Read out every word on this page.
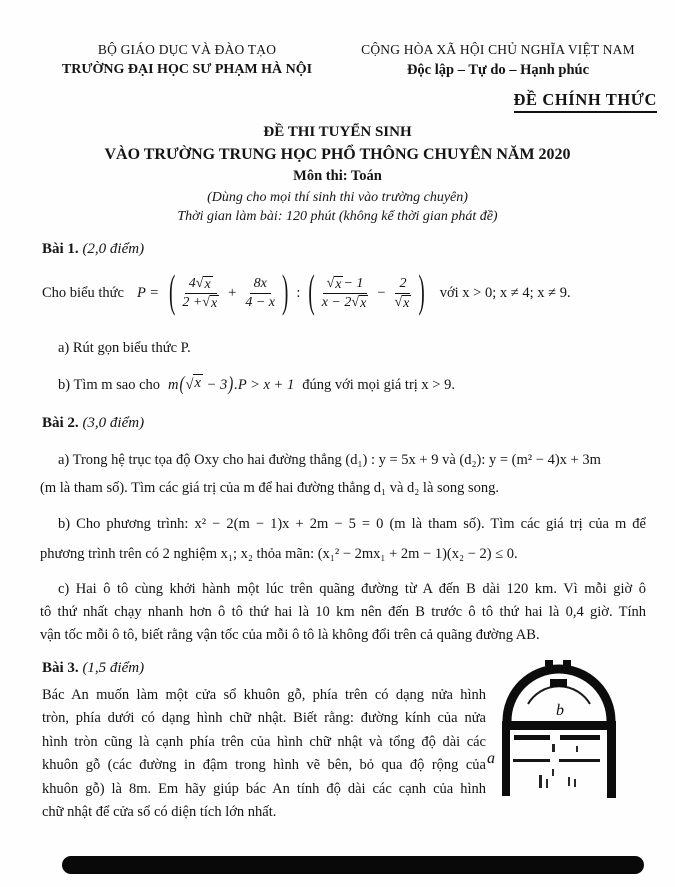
BỘ GIÁO DỤC VÀ ĐÀO TẠO
TRƯỜNG ĐẠI HỌC SƯ PHẠM HÀ NỘI
CỘNG HÒA XÃ HỘI CHỦ NGHĨA VIỆT NAM
Độc lập – Tự do – Hạnh phúc
ĐỀ CHÍNH THỨC
ĐỀ THI TUYỂN SINH
VÀO TRƯỜNG TRUNG HỌC PHỔ THÔNG CHUYÊN NĂM 2020
Môn thi: Toán
(Dùng cho mọi thí sinh thi vào trường chuyên)
Thời gian làm bài: 120 phút (không kể thời gian phát đề)
Bài 1. (2,0 điểm)
Cho biểu thức P = ( $\frac{4 √ x}{2 + √ x} + \frac{8x}{4 - x}$ ) : ( $\frac{√ x - 1}{x - 2 √ x} - \frac{2}{√ x}$ ) với x > 0; x ≠ 4; x ≠ 9.
a) Rút gọn biểu thức P.
b) Tìm m sao cho m( √ x − 3).P > x + 1 đúng với mọi giá trị x > 9.
Bài 2. (3,0 điểm)
a) Trong hệ trục tọa độ Oxy cho hai đường thẳng (d₁) : y = 5x + 9 và (d₂): y = (m² − 4)x + 3m
(m là tham số). Tìm các giá trị của m để hai đường thẳng d₁ và d₂ là song song.
b) Cho phương trình: x² − 2(m − 1)x + 2m − 5 = 0 (m là tham số). Tìm các giá trị của m để
phương trình trên có 2 nghiệm x₁; x₂ thỏa mãn: (x₁² − 2mx₁ + 2m − 1)(x₂ − 2) ≤ 0.
c) Hai ô tô cùng khởi hành một lúc trên quãng đường từ A đến B dài 120 km. Vì mỗi giờ ô
tô thứ nhất chạy nhanh hơn ô tô thứ hai là 10 km nên đến B trước ô tô thứ hai là 0,4 giờ. Tính
vận tốc mỗi ô tô, biết rằng vận tốc của mỗi ô tô là không đổi trên cả quãng đường AB.
Bài 3. (1,5 điểm)
Bác An muốn làm một cửa sổ khuôn gỗ, phía trên có dạng nửa hình
tròn, phía dưới có dạng hình chữ nhật. Biết rằng: đường kính của nửa
hình tròn cũng là cạnh phía trên của hình chữ nhật và tổng độ dài các
khuôn gỗ (các đường in đậm trong hình vẽ bên, bỏ qua độ rộng của
khuôn gỗ) là 8m. Em hãy giúp bác An tính độ dài các cạnh của hình
chữ nhật để cửa sổ có diện tích lớn nhất.
b
a
